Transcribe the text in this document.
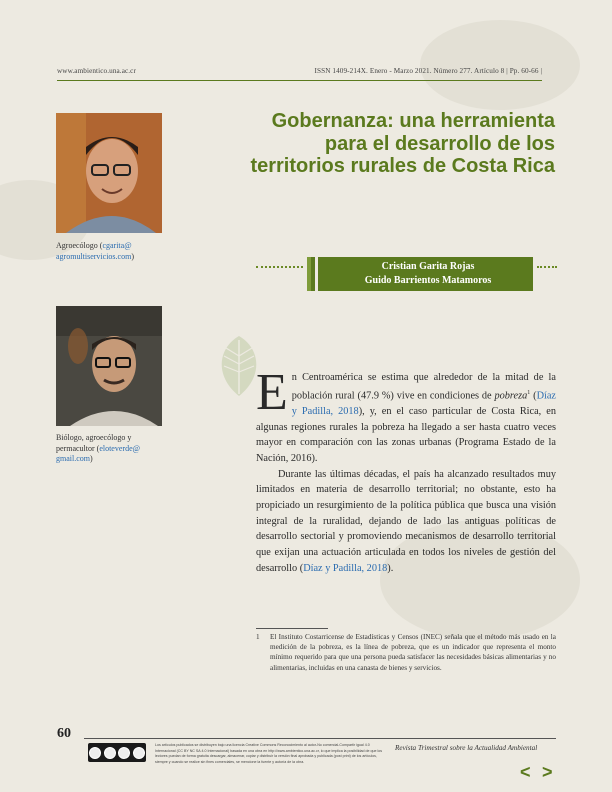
www.ambientico.una.ac.cr	ISSN 1409-214X. Enero - Marzo 2021. Número 277. Artículo 8 | Pp. 60-66 |
Agroecólogo (cgarita@ agromultiservicios.com)
Biólogo, agroecólogo y permacultor (eloteverde@ gmail.com)
Gobernanza: una herramienta para el desarrollo de los territorios rurales de Costa Rica
Cristian Garita Rojas
Guido Barrientos Matamoros

En Centroamérica se estima que alrededor de la mitad de la población rural (47.9 %) vive en condiciones de pobreza$^1$ (Díaz y Padilla, 2018), y, en el caso particular de Costa Rica, en algunas regiones rurales la pobreza ha llegado a ser hasta cuatro veces mayor en comparación con las zonas urbanas (Programa Estado de la Nación, 2016).

Durante las últimas décadas, el país ha alcanzado resultados muy limitados en materia de desarrollo territorial; no obstante, esto ha propiciado un resurgimiento de la política pública que busca una visión integral de la ruralidad, dejando de lado las antiguas políticas de desarrollo sectorial y promoviendo mecanismos de desarrollo territorial que exijan una actuación articulada en todos los niveles de gestión del desarrollo (Díaz y Padilla, 2018).

1 El Instituto Costarricense de Estadísticas y Censos (INEC) señala que el método más usado en la medición de la pobreza, es la línea de pobreza, que es un indicador que representa el monto mínimo requerido para que una persona pueda satisfacer las necesidades básicas alimentarias y no alimentarias, incluidas en una canasta de bienes y servicios.
60
Los artículos publicados se distribuyen bajo una licencia Creative Commons Reconocimiento al autor-No comercial-Compartir igual 4.0 Internacional (CC BY NC SA 4.0 Internacional) basada en una obra en http://www.ambientico.una.ac.cr, lo que implica la posibilidad de que los lectores puedan de forma gratuita descargar, almacenar, copiar y distribuir la versión final aprobada y publicada (post print) de los artículos, siempre y cuando se realice sin fines comerciales, se mencione la fuente y autoría de la obra.
Revista Trimestral sobre la Actualidad Ambiental
< >
